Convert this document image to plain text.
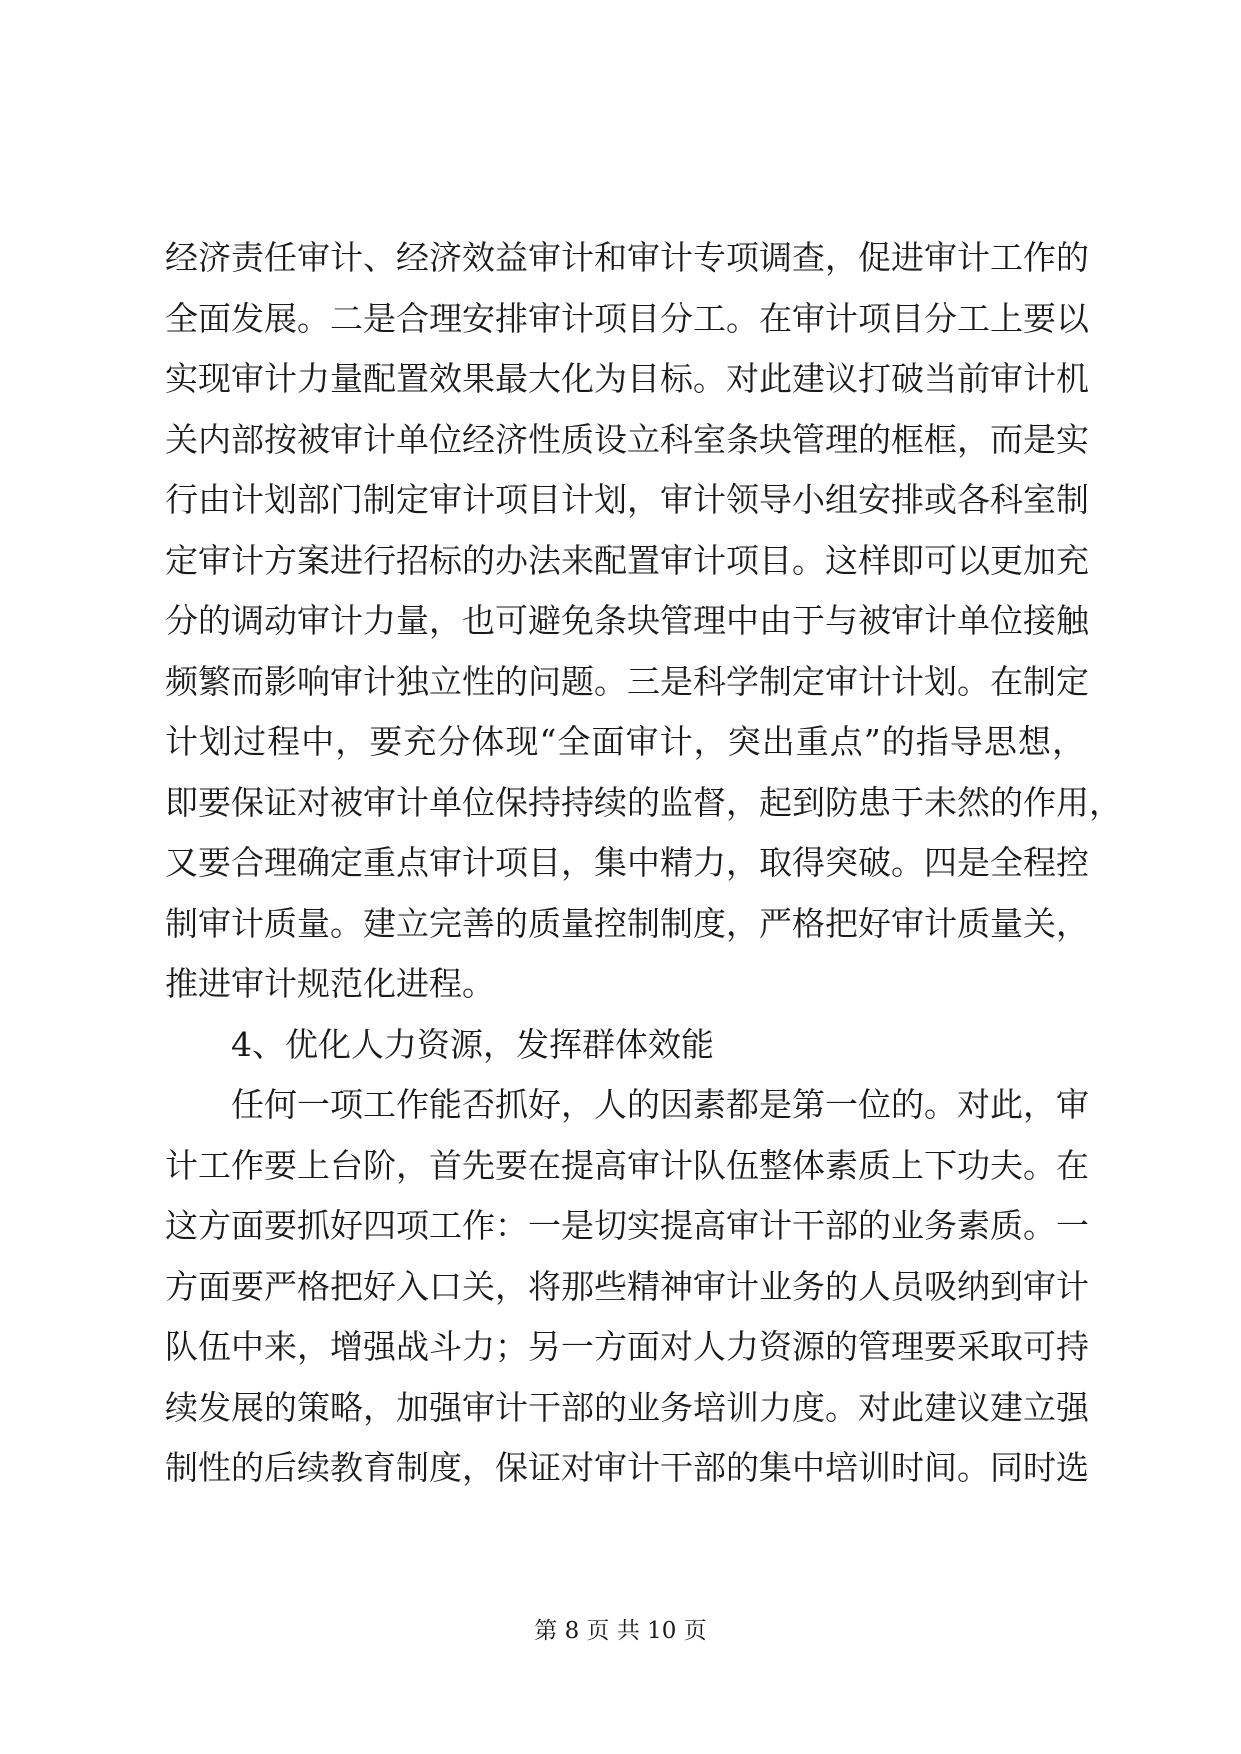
经济责任审计、经济效益审计和审计专项调查，促进审计工作的
全面发展。二是合理安排审计项目分工。在审计项目分工上要以
实现审计力量配置效果最大化为目标。对此建议打破当前审计机
关内部按被审计单位经济性质设立科室条块管理的框框，而是实
行由计划部门制定审计项目计划，审计领导小组安排或各科室制
定审计方案进行招标的办法来配置审计项目。这样即可以更加充
分的调动审计力量，也可避免条块管理中由于与被审计单位接触
频繁而影响审计独立性的问题。三是科学制定审计计划。在制定
计划过程中，要充分体现“全面审计，突出重点”的指导思想，
即要保证对被审计单位保持持续的监督，起到防患于未然的作用，
又要合理确定重点审计项目，集中精力，取得突破。四是全程控
制审计质量。建立完善的质量控制制度，严格把好审计质量关，
推进审计规范化进程。
4、优化人力资源，发挥群体效能
任何一项工作能否抓好，人的因素都是第一位的。对此，审
计工作要上台阶，首先要在提高审计队伍整体素质上下功夫。在
这方面要抓好四项工作：一是切实提高审计干部的业务素质。一
方面要严格把好入口关，将那些精神审计业务的人员吸纳到审计
队伍中来，增强战斗力；另一方面对人力资源的管理要采取可持
续发展的策略，加强审计干部的业务培训力度。对此建议建立强
制性的后续教育制度，保证对审计干部的集中培训时间。同时选
第 8 页 共 10 页
